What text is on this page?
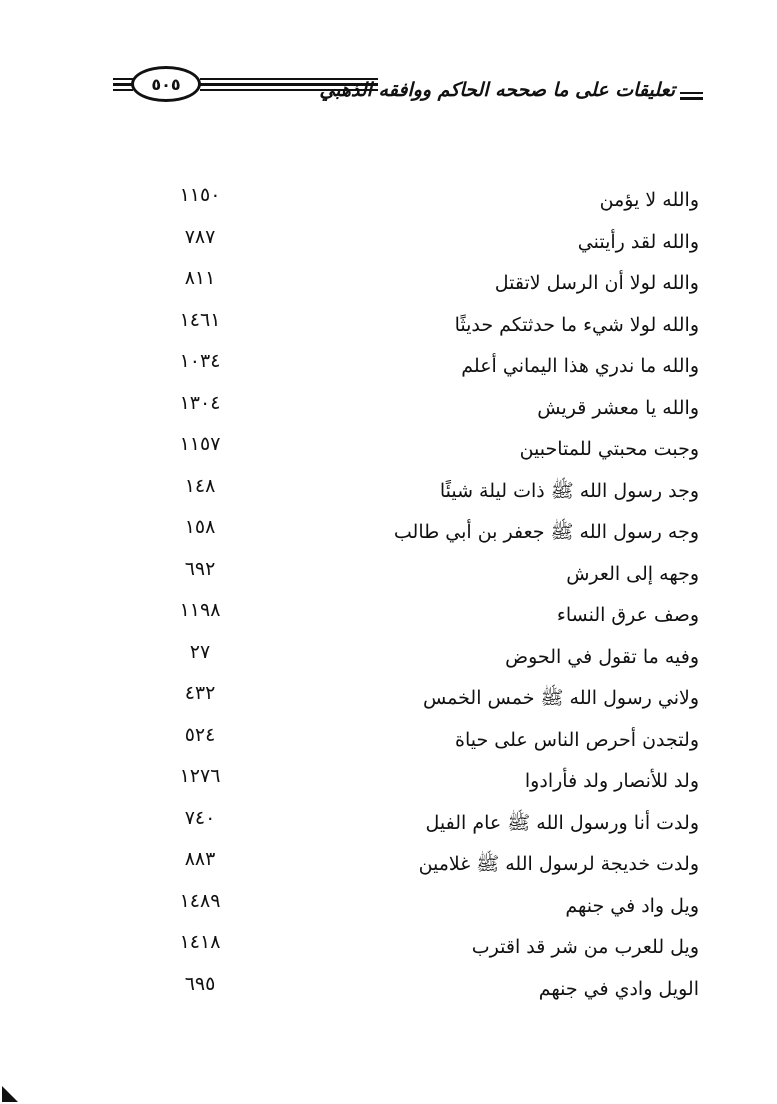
٥٠٥	تعليقات على ما صححه الحاكم ووافقه الذهبي
والله لا يؤمن
١١٥٠
والله لقد رأيتني
٧٨٧
والله لولا أن الرسل لاتقتل
٨١١
والله لولا شيء ما حدثتكم حديثًا
١٤٦١
والله ما ندري هذا اليماني أعلم
١٠٣٤
والله يا معشر قريش
١٣٠٤
وجبت محبتي للمتاحبين
١١٥٧
وجد رسول الله ﷺ ذات ليلة شيئًا
١٤٨
وجه رسول الله ﷺ جعفر بن أبي طالب
١٥٨
وجهه إلى العرش
٦٩٢
وصف عرق النساء
١١٩٨
وفيه ما تقول في الحوض
٢٧
ولاني رسول الله ﷺ خمس الخمس
٤٣٢
ولتجدن أحرص الناس على حياة
٥٢٤
ولد للأنصار ولد فأرادوا
١٢٧٦
ولدت أنا ورسول الله ﷺ عام الفيل
٧٤٠
ولدت خديجة لرسول الله ﷺ غلامين
٨٨٣
ويل واد في جنهم
١٤٨٩
ويل للعرب من شر قد اقترب
١٤١٨
الويل وادي في جنهم
٦٩٥
